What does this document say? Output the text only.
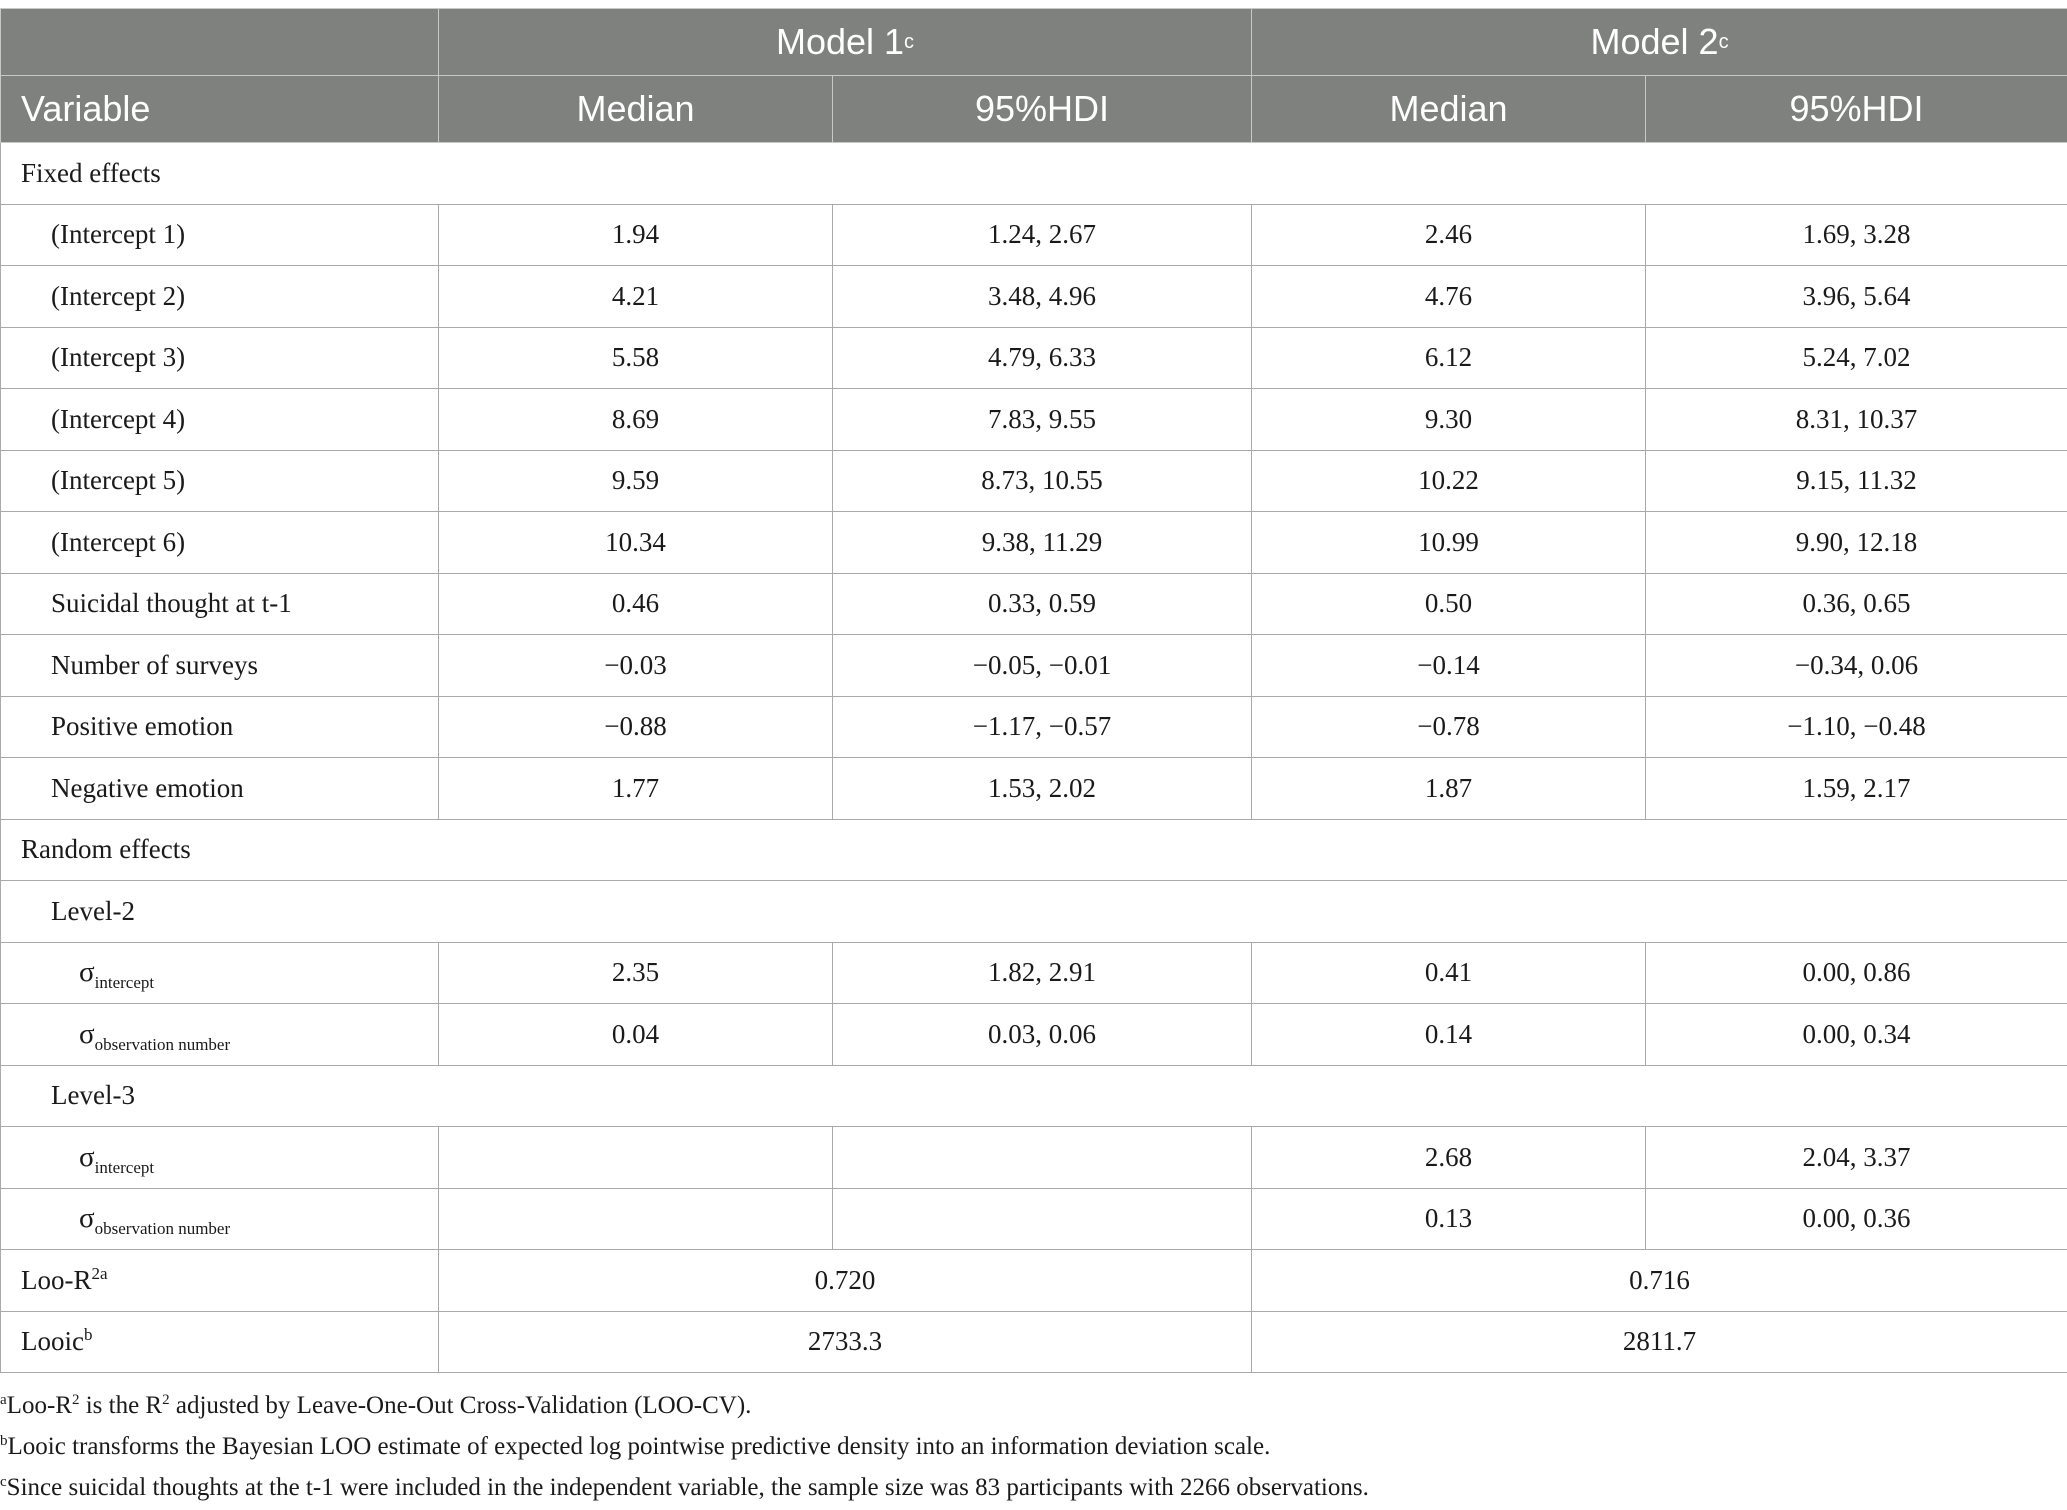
	Model 1$^c$		Model 2$^c$
Variable	Median	95%HDI	Median	95%HDI
Fixed effects				
(Intercept 1)	1.94	1.24, 2.67	2.46	1.69, 3.28
(Intercept 2)	4.21	3.48, 4.96	4.76	3.96, 5.64
(Intercept 3)	5.58	4.79, 6.33	6.12	5.24, 7.02
(Intercept 4)	8.69	7.83, 9.55	9.30	8.31, 10.37
(Intercept 5)	9.59	8.73, 10.55	10.22	9.15, 11.32
(Intercept 6)	10.34	9.38, 11.29	10.99	9.90, 12.18
Suicidal thought at t-1	0.46	0.33, 0.59	0.50	0.36, 0.65
Number of surveys	−0.03	−0.05, −0.01	−0.14	−0.34, 0.06
Positive emotion	−0.88	−1.17, −0.57	−0.78	−1.10, −0.48
Negative emotion	1.77	1.53, 2.02	1.87	1.59, 2.17
Random effects				
Level-2				
$\sigma_{intercept}$	2.35	1.82, 2.91	0.41	0.00, 0.86
$\sigma_{observation number}$	0.04	0.03, 0.06	0.14	0.00, 0.34
Level-3				
$\sigma_{intercept}$			2.68	2.04, 3.37
$\sigma_{observation number}$			0.13	0.00, 0.36
Loo-$R^{2a}$	0.720		0.716	
Looic$^b$	2733.3		2811.7	
$^aLoo-R^2$ is the $R^2$ adjusted by Leave-One-Out Cross-Validation (LOO-CV).
$^b$Looic transforms the Bayesian LOO estimate of expected log pointwise predictive density into an information deviation scale.
$^c$Since suicidal thoughts at the t-1 were included in the independent variable, the sample size was 83 participants with 2266 observations.
